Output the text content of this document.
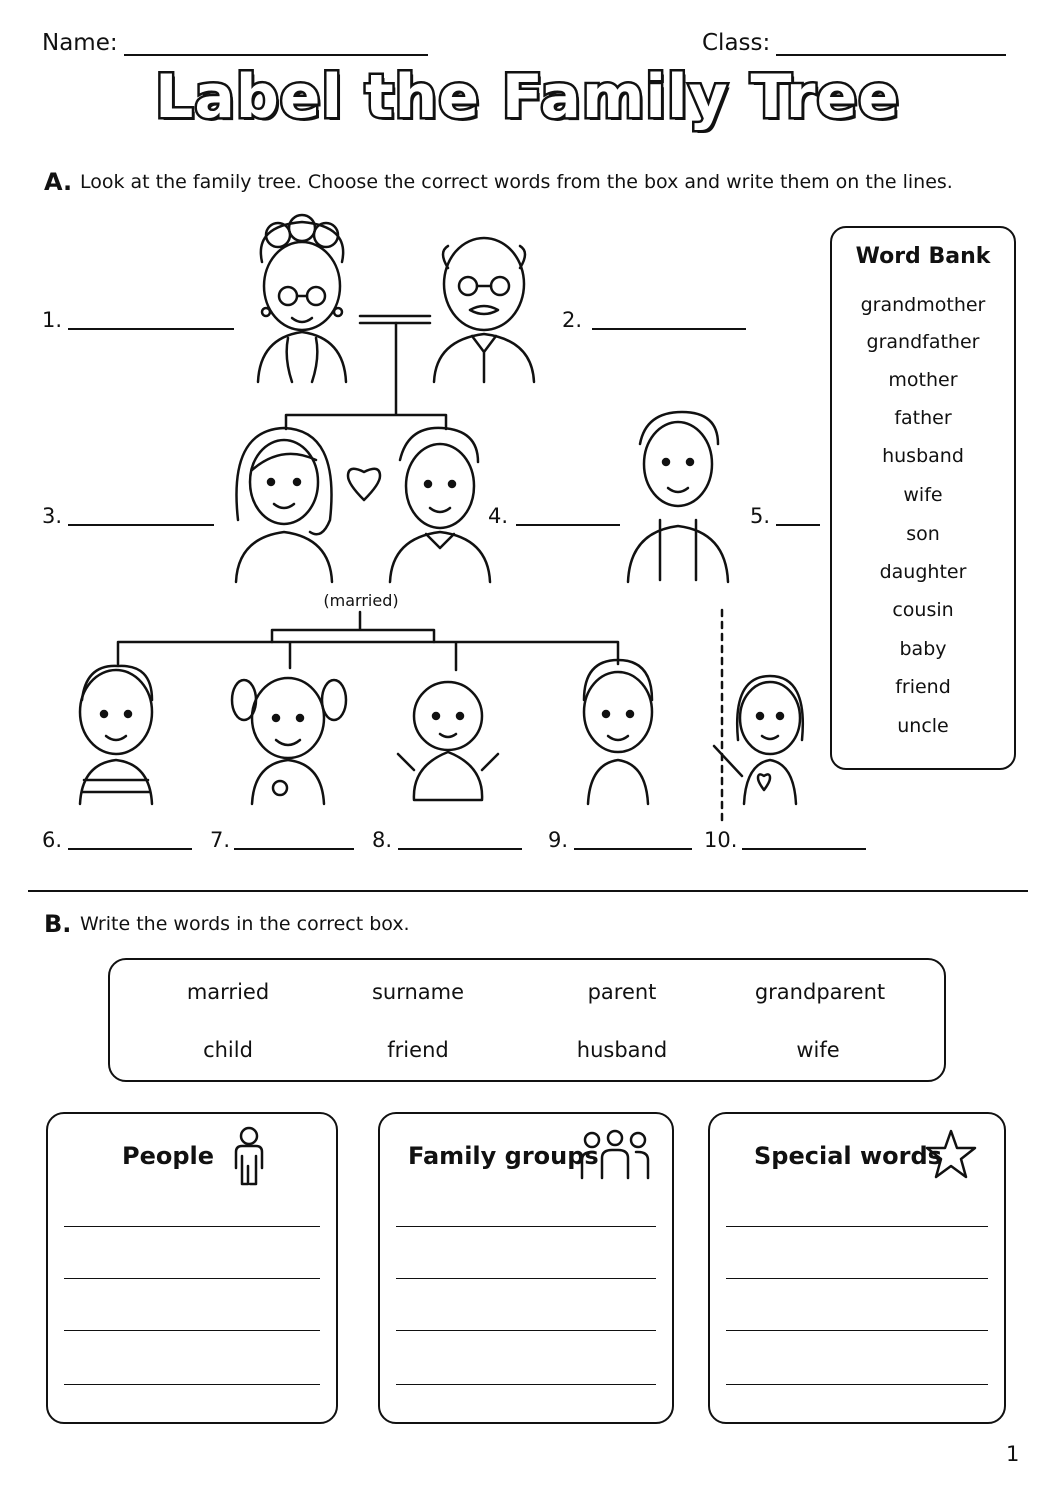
Name:	Class:
Label the Family Tree
A. Look at the family tree. Choose the correct words from the box and write them on the lines.
(married)
1.	2.
3.	4.	5.
6.	7.	8.	9.	10.
Word Bank
grandmother
grandfather
mother
father
husband
wife
son
daughter
cousin
baby
friend
uncle
B. Write the words in the correct box.
married	surname	parent	grandparent
child	friend	husband	wife
People	Family groups	Special words
1
